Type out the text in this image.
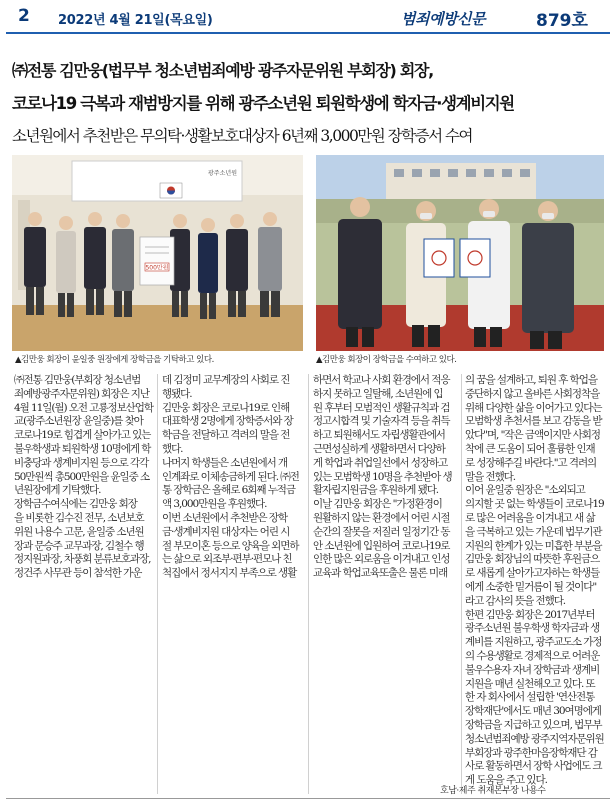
2 2022년 4월 21일(목요일)	범죄예방신문	879호
㈜전통 김만웅(법무부 청소년범죄예방 광주자문위원 부회장) 회장,
코로나19 극복과 재범방지를 위해 광주소년원 퇴원학생에 학자금·생계비지원
소년원에서 추천받은 무의탁·생활보호대상자 6년째 3,000만원 장학증서 수여
광주소년원
500만원
▲김만웅 회장이 윤일중 원장에게 장학금을 기탁하고 있다.	▲김만웅 회장이 장학금을 수여하고 있다.
㈜전통 김만웅(부회장 청소년범
죄예방광주자문위원) 회장은 지난
4월 11일(월) 오전 고룡정보산업학
교(광주소년원장 윤일중)를 찾아
코로나19로 힘겹게 살아가고 있는
불우학생과 퇴원학생 10명에게 학
비충당과 생계비지원 등으로 각각
50만원씩 총500만원을 윤일중 소
년원장에게 기탁했다.
장학금수여식에는 김만웅 회장
을 비롯한 김수진 전무, 소년보호
위원 나용수 고문, 윤일중 소년원
장과 문승주 교무과장, 김철수 행
정지원과장, 차풍회 분류보호과장,
정건주 사무관 등이 참석한 가운
데 김정미 교무계장의 사회로 진
행됐다.
김만웅 회장은 코로나19로 인해
대표학생 2명에게 장학증서와 장
학금을 전달하고 격려의 말을 전
했다.
나머지 학생들은 소년원에서 개
인계좌로 이체송금하게 된다. ㈜전
통 장학금은 올해로 6회째 누적금
액 3,000만원을 후원했다.
이번 소년원에서 추천받은 장학
금·생계비지원 대상자는 어린 시
절 부모이혼 등으로 양육을 외면하
는 삶으로 외조부·편부·편모나 친
척집에서 정서지지 부족으로 생활
하면서 학교나 사회 환경에서 적응
하지 못하고 일탈해, 소년원에 입
원 후부터 모범적인 생활규칙과 검
정고시합격 및 기술자격 등을 취득
하고 퇴원해서도 자립생활관에서
근면성실하게 생활하면서 다양하
게 학업과 취업일선에서 성장하고
있는 모범학생 10명을 추천받아 생
활자립지원금을 후원하게 됐다.
이날 김만웅 회장은 "가정환경이
원활하지 않는 환경에서 어린 시절
순간의 잘못을 저질러 일정기간 동
안 소년원에 입원하여 코로나19로
인한 많은 외로움을 이겨내고 인성
교육과 학업교육또출은 물론 미래
의 꿈을 설계하고, 퇴원 후 학업을
중단하지 않고 올바른 사회정착을
위해 다양한 삶을 이어가고 있다는
모범학생 추천서를 보고 감동을 받
았다"며, "작은 금액이지만 사회정
착에 큰 도움이 되어 훌륭한 인재
로 성장해주길 바란다."고 격려의
말을 전했다.
이어 윤일중 원장은 "소외되고
의지할 곳 없는 학생들이 코로나19
로 많은 어려움을 이겨내고 새 삶
을 극복하고 있는 가운데 법무기관
지원의 한계가 있는 미흡한 부분을
김만웅 회장님의 따뜻한 후원금으
로 새롭게 살아가고자하는 학생들
에게 소중한 밑거름이 될 것이다"
라고 감사의 뜻을 전했다.
한편 김만웅 회장은 2017년부터
광주소년원 불우학생 학자금과 생
계비를 지원하고, 광주교도소 가정
의 수용생활로 경제적으로 어려운
불우수용자 자녀 장학금과 생계비
지원을 매년 실천해오고 있다. 또
한 자 회사에서 설립한 '연산전통
장학재단'에서도 매년 30여명에게
장학금을 지급하고 있으며, 법무부
청소년범죄예방 광주지역자문위원
부회장과 광주한마음장학재단 감
사로 활동하면서 장학 사업에도 크
게 도움을 주고 있다.
호남·제주 취재본부장 나용수
